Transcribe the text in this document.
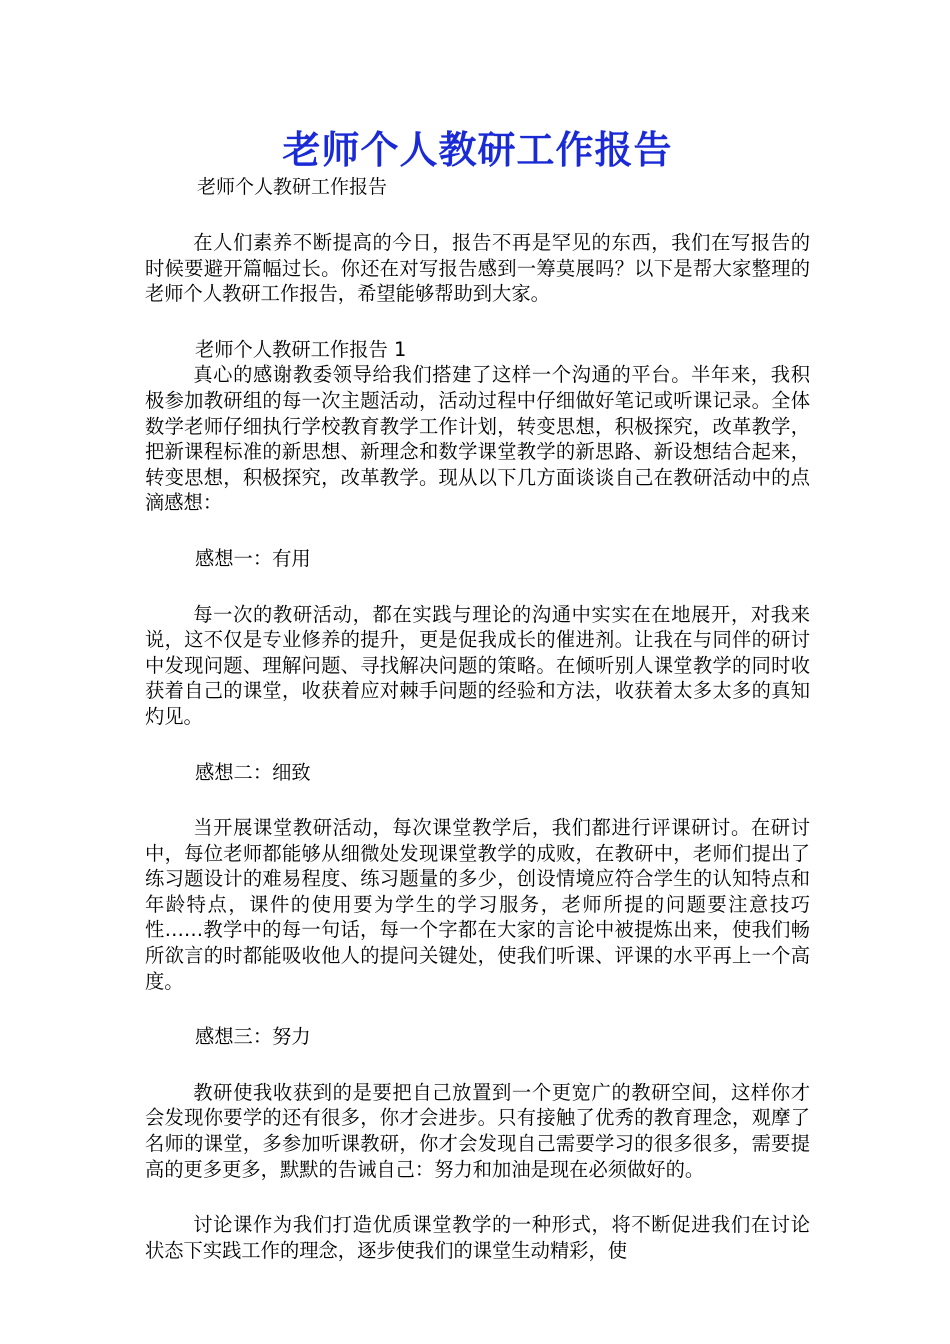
老师个人教研工作报告
老师个人教研工作报告

在人们素养不断提高的今日，报告不再是罕见的东西，我们在写报告的时候要避开篇幅过长。你还在对写报告感到一筹莫展吗？以下是帮大家整理的老师个人教研工作报告，希望能够帮助到大家。

老师个人教研工作报告 1

真心的感谢教委领导给我们搭建了这样一个沟通的平台。半年来，我积极参加教研组的每一次主题活动，活动过程中仔细做好笔记或听课记录。全体数学老师仔细执行学校教育教学工作计划，转变思想，积极探究，改革教学，把新课程标准的新思想、新理念和数学课堂教学的新思路、新设想结合起来，转变思想，积极探究，改革教学。现从以下几方面谈谈自己在教研活动中的点滴感想：

感想一：有用

每一次的教研活动，都在实践与理论的沟通中实实在在地展开，对我来说，这不仅是专业修养的提升，更是促我成长的催进剂。让我在与同伴的研讨中发现问题、理解问题、寻找解决问题的策略。在倾听别人课堂教学的同时收获着自己的课堂，收获着应对棘手问题的经验和方法，收获着太多太多的真知灼见。

感想二：细致

当开展课堂教研活动，每次课堂教学后，我们都进行评课研讨。在研讨中，每位老师都能够从细微处发现课堂教学的成败，在教研中，老师们提出了练习题设计的难易程度、练习题量的多少，创设情境应符合学生的认知特点和年龄特点，课件的使用要为学生的学习服务，老师所提的问题要注意技巧性……教学中的每一句话，每一个字都在大家的言论中被提炼出来，使我们畅所欲言的时都能吸收他人的提问关键处，使我们听课、评课的水平再上一个高度。

感想三：努力

教研使我收获到的是要把自己放置到一个更宽广的教研空间，这样你才会发现你要学的还有很多，你才会进步。只有接触了优秀的教育理念，观摩了名师的课堂，多参加听课教研，你才会发现自己需要学习的很多很多，需要提高的更多更多，默默的告诫自己：努力和加油是现在必须做好的。

讨论课作为我们打造优质课堂教学的一种形式，将不断促进我们在讨论状态下实践工作的理念，逐步使我们的课堂生动精彩，使
